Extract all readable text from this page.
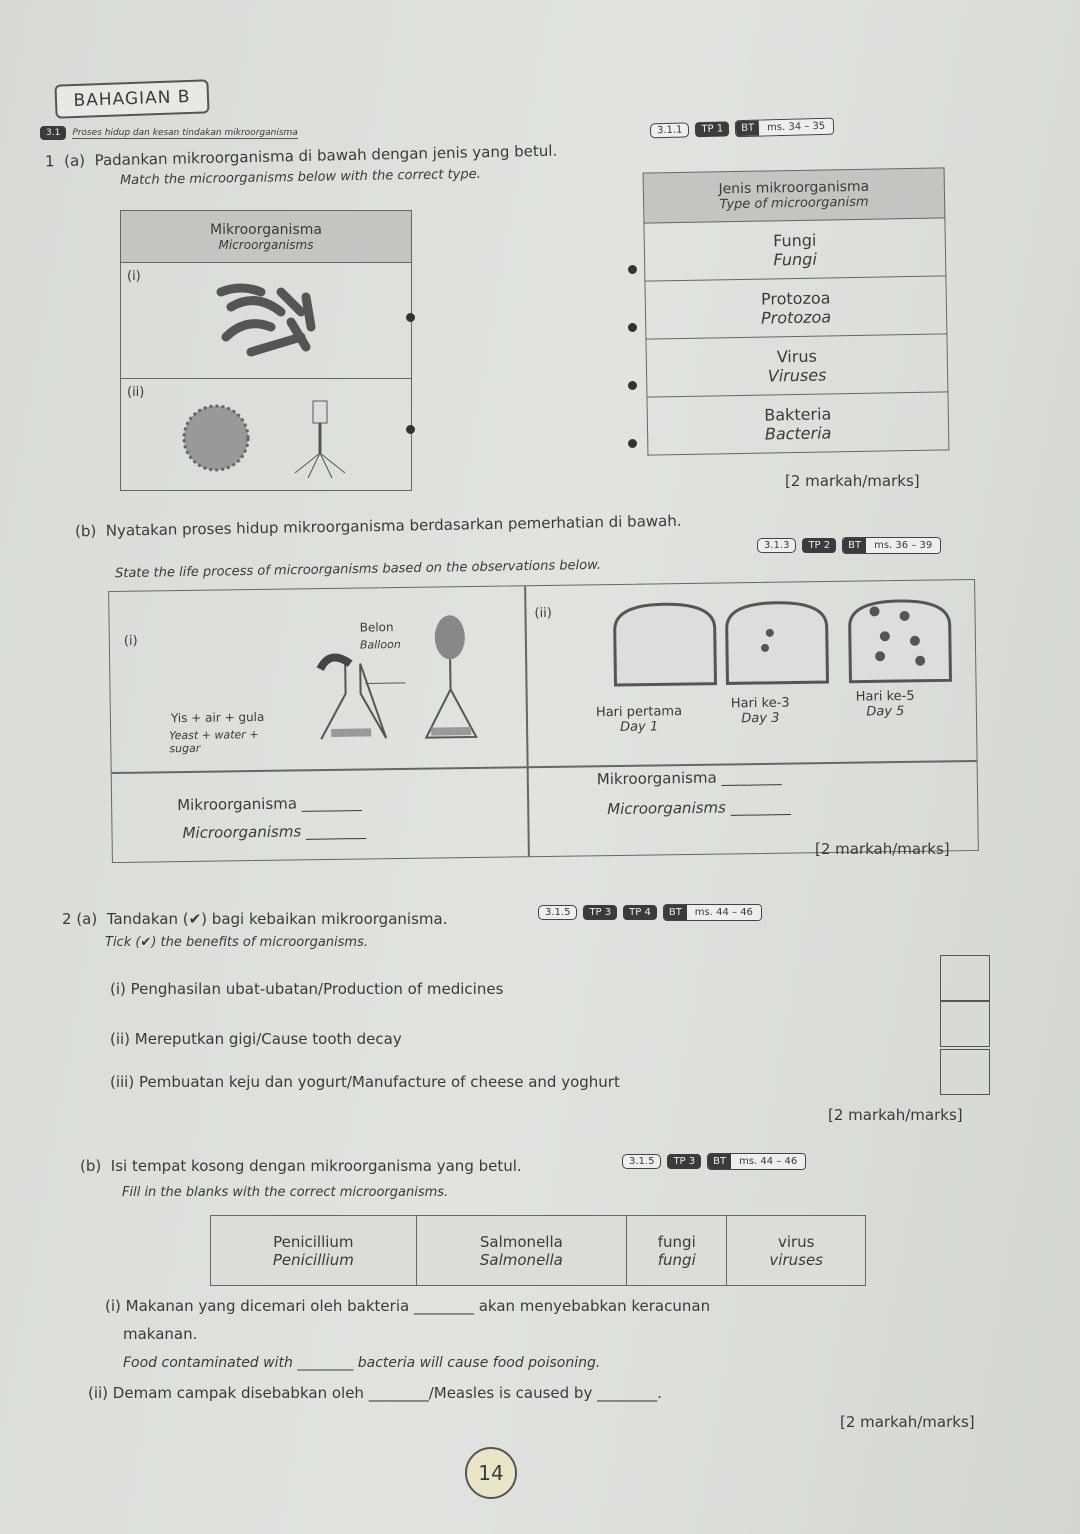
BAHAGIAN B
3.1	Proses hidup dan kesan tindakan mikroorganisma
1 (a) Padankan mikroorganisma di bawah dengan jenis yang betul.
3.1.1	TP 1	BT	ms. 34 – 35
Match the microorganisms below with the correct type.
Mikroorganisma
Microorganisms

(i)

(ii)
Jenis mikroorganisma
Type of microorganism

Fungi
Fungi

Protozoa
Protozoa

Virus
Viruses

Bakteria
Bacteria
[2 markah/marks]
(b) Nyatakan proses hidup mikroorganisma berdasarkan pemerhatian di bawah.
State the life process of microorganisms based on the observations below.
3.1.3	TP 2	BT	ms. 36 – 39
(i)
Belon
Balloon
Yis + air + gula
Yeast + water + sugar
(ii)
Hari pertama
Day 1
Hari ke-3
Day 3
Hari ke-5
Day 5
Mikroorganisma ________
Microorganisms ________
Mikroorganisma ________
Microorganisms ________
[2 markah/marks]
2 (a) Tandakan (✔) bagi kebaikan mikroorganisma.	3.1.5	TP 3	TP 4	BT	ms. 44 – 46
Tick (✔) the benefits of microorganisms.
(i) Penghasilan ubat-ubatan/Production of medicines
(ii) Mereputkan gigi/Cause tooth decay
(iii) Pembuatan keju dan yogurt/Manufacture of cheese and yoghurt
[2 markah/marks]
(b) Isi tempat kosong dengan mikroorganisma yang betul.	3.1.5	TP 3	BT	ms. 44 – 46
Fill in the blanks with the correct microorganisms.
Penicillium
Penicillium

Salmonella
Salmonella

fungi
fungi

virus
viruses
(i) Makanan yang dicemari oleh bakteria ________ akan menyebabkan keracunan
makanan.
Food contaminated with ________ bacteria will cause food poisoning.
(ii) Demam campak disebabkan oleh ________/Measles is caused by ________.
[2 markah/marks]
14
